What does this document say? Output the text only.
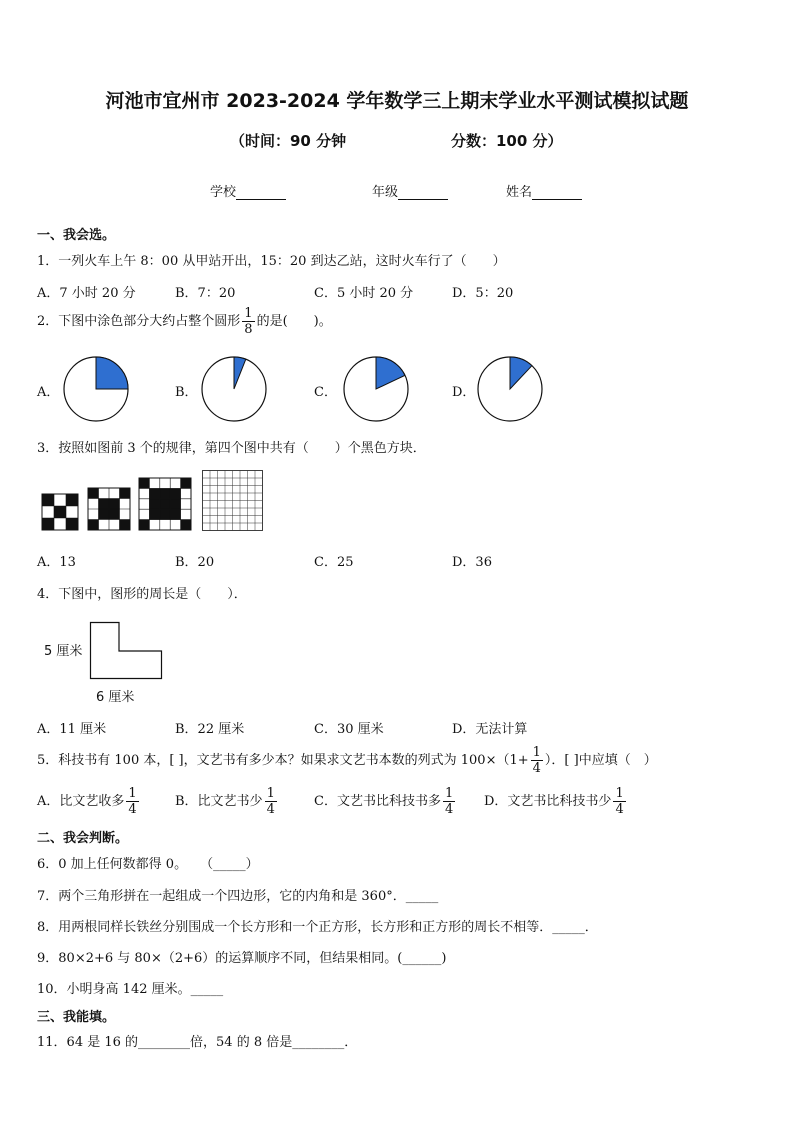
河池市宜州市 2023-2024 学年数学三上期末学业水平测试模拟试题
（时间：90 分钟	分数：100 分）
学校	年级	姓名
一、我会选。
1．一列火车上午 8：00 从甲站开出，15：20 到达乙站，这时火车行了（　　）
A．7 小时 20 分	B．7：20	C．5 小时 20 分	D．5：20
2．下图中涂色部分大约占整个圆形 $\frac{1}{8}$ 的是(　　)。
A．	B．	C．	D．
3．按照如图前 3 个的规律，第四个图中共有（　　）个黑色方块．
A．13	B．20	C．25	D．36
4．下图中，图形的周长是（　　）．
5 厘米
6 厘米
A．11 厘米	B．22 厘米	C．30 厘米	D．无法计算
5．科技书有 100 本，[ ]，文艺书有多少本？如果求文艺书本数的列式为 $100\times(1+ \frac{1}{4}$ ）．[ ]中应填（　）
A．比文艺收多 $\frac{1}{4}$	B．比文艺书少 $\frac{1}{4}$	C．文艺书比科技书多 $\frac{1}{4}$ D．文艺书比科技书少 $\frac{1}{4}$
二、我会判断。
6．0 加上任何数都得 0。　　（_____）
7．两个三角形拼在一起组成一个四边形，它的内角和是 360°．_____
8．用两根同样长铁丝分别围成一个长方形和一个正方形，长方形和正方形的周长不相等．_____．
9．80×2+6 与 80×（2+6）的运算顺序不同，但结果相同。(______)
10．小明身高 142 厘米。_____
三、我能填。
11．64 是 16 的________倍，54 的 8 倍是________．
